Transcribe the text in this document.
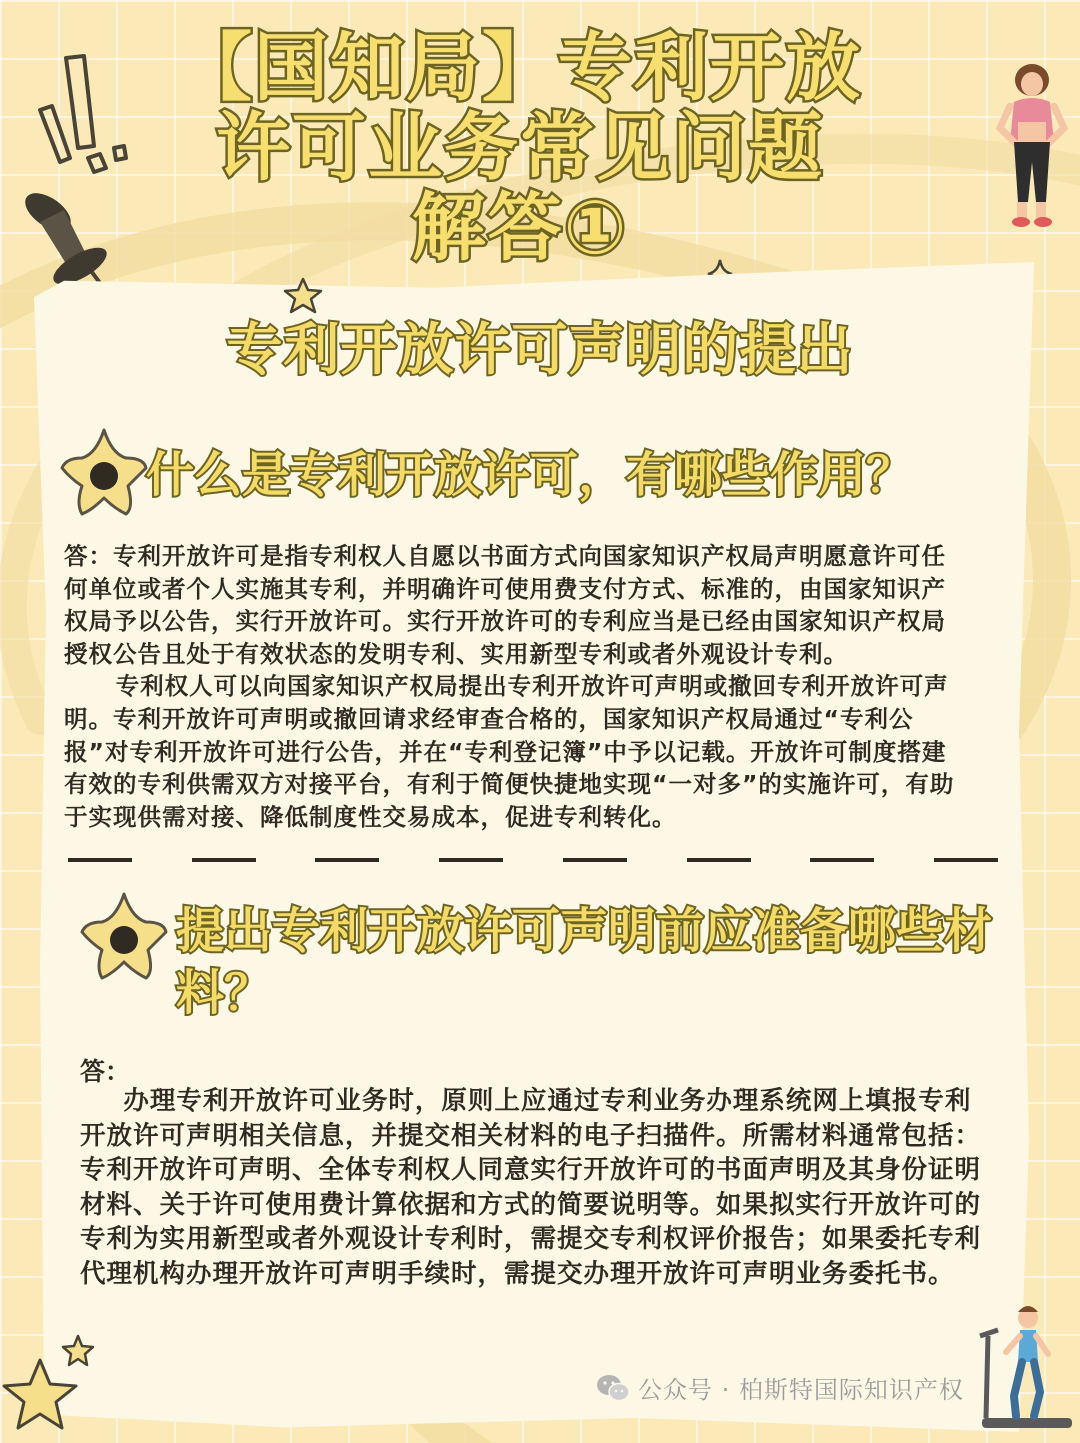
【国知局】专利开放
许可业务常见问题
解答①
专利开放许可声明的提出
什么是专利开放许可，有哪些作用？

答：专利开放许可是指专利权人自愿以书面方式向国家知识产权局声明愿意许可任何单位或者个人实施其专利，并明确许可使用费支付方式、标准的，由国家知识产权局予以公告，实行开放许可。实行开放许可的专利应当是已经由国家知识产权局授权公告且处于有效状态的发明专利、实用新型专利或者外观设计专利。

专利权人可以向国家知识产权局提出专利开放许可声明或撤回专利开放许可声明。专利开放许可声明或撤回请求经审查合格的，国家知识产权局通过“专利公报”对专利开放许可进行公告，并在“专利登记簿”中予以记载。开放许可制度搭建有效的专利供需双方对接平台，有利于简便快捷地实现“一对多”的实施许可，有助于实现供需对接、降低制度性交易成本，促进专利转化。

提出专利开放许可声明前应准备哪些材料？
答：
办理专利开放许可业务时，原则上应通过专利业务办理系统网上填报专利开放许可声明相关信息，并提交相关材料的电子扫描件。所需材料通常包括：专利开放许可声明、全体专利权人同意实行开放许可的书面声明及其身份证明材料、关于许可使用费计算依据和方式的简要说明等。如果拟实行开放许可的专利为实用新型或者外观设计专利时，需提交专利权评价报告；如果委托专利代理机构办理开放许可声明手续时，需提交办理开放许可声明业务委托书。
公众号 · 柏斯特国际知识产权
